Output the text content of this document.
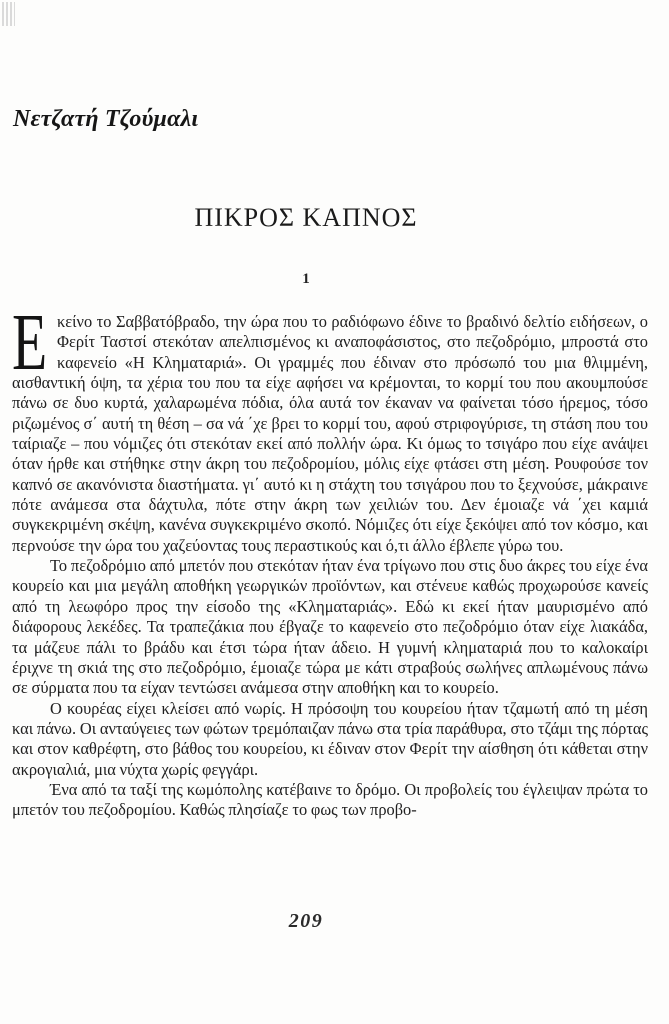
Νετζατή Τζούμαλι
ΠΙΚΡΟΣ ΚΑΠΝΟΣ
1

Εκείνο το Σαββατόβραδο, την ώρα που το ραδιόφωνο έδινε το βραδινό δελτίο ειδήσεων, ο Φερίτ Ταστσί στεκόταν απελπισμένος κι αναποφάσιστος, στο πεζοδρόμιο, μπροστά στο καφενείο «Η Κληματαριά». Οι γραμμές που έδιναν στο πρόσωπό του μια θλιμμένη, αισθαντική όψη, τα χέρια του που τα είχε αφήσει να κρέμονται, το κορμί του που ακουμπούσε πάνω σε δυο κυρτά, χαλαρωμένα πόδια, όλα αυτά τον έκαναν να φαίνεται τόσο ήρεμος, τόσο ριζωμένος σ΄ αυτή τη θέση – σα νά ΄χε βρει το κορμί του, αφού στριφογύρισε, τη στάση που του ταίριαζε – που νόμιζες ότι στεκόταν εκεί από πολλήν ώρα. Κι όμως το τσιγάρο που είχε ανάψει όταν ήρθε και στήθηκε στην άκρη του πεζοδρομίου, μόλις είχε φτάσει στη μέση. Ρουφούσε τον καπνό σε ακανόνιστα διαστήματα. γι΄ αυτό κι η στάχτη του τσιγάρου που το ξεχνούσε, μάκραινε πότε ανάμεσα στα δάχτυλα, πότε στην άκρη των χειλιών του. Δεν έμοιαζε νά ΄χει καμιά συγκεκριμένη σκέψη, κανένα συγκεκριμένο σκοπό. Νόμιζες ότι είχε ξεκόψει από τον κόσμο, και περνούσε την ώρα του χαζεύοντας τους περαστικούς και ό,τι άλλο έβλεπε γύρω του.

Το πεζοδρόμιο από μπετόν που στεκόταν ήταν ένα τρίγωνο που στις δυο άκρες του είχε ένα κουρείο και μια μεγάλη αποθήκη γεωργικών προϊόντων, και στένευε καθώς προχωρούσε κανείς από τη λεωφόρο προς την είσοδο της «Κληματαριάς». Εδώ κι εκεί ήταν μαυρισμένο από διάφορους λεκέδες. Τα τραπεζάκια που έβγαζε το καφενείο στο πεζοδρόμιο όταν είχε λιακάδα, τα μάζευε πάλι το βράδυ και έτσι τώρα ήταν άδειο. Η γυμνή κληματαριά που το καλοκαίρι έριχνε τη σκιά της στο πεζοδρόμιο, έμοιαζε τώρα με κάτι στραβούς σωλήνες απλωμένους πάνω σε σύρματα που τα είχαν τεντώσει ανάμεσα στην αποθήκη και το κουρείο.

Ο κουρέας είχει κλείσει από νωρίς. Η πρόσοψη του κουρείου ήταν τζαμωτή από τη μέση και πάνω. Οι ανταύγειες των φώτων τρεμόπαιζαν πάνω στα τρία παράθυρα, στο τζάμι της πόρτας και στον καθρέφτη, στο βάθος του κουρείου, κι έδιναν στον Φερίτ την αίσθηση ότι κάθεται στην ακρογιαλιά, μια νύχτα χωρίς φεγγάρι.

Ένα από τα ταξί της κωμόπολης κατέβαινε το δρόμο. Οι προβολείς του έγλειψαν πρώτα το μπετόν του πεζοδρομίου. Καθώς πλησίαζε το φως των προβο-

209
